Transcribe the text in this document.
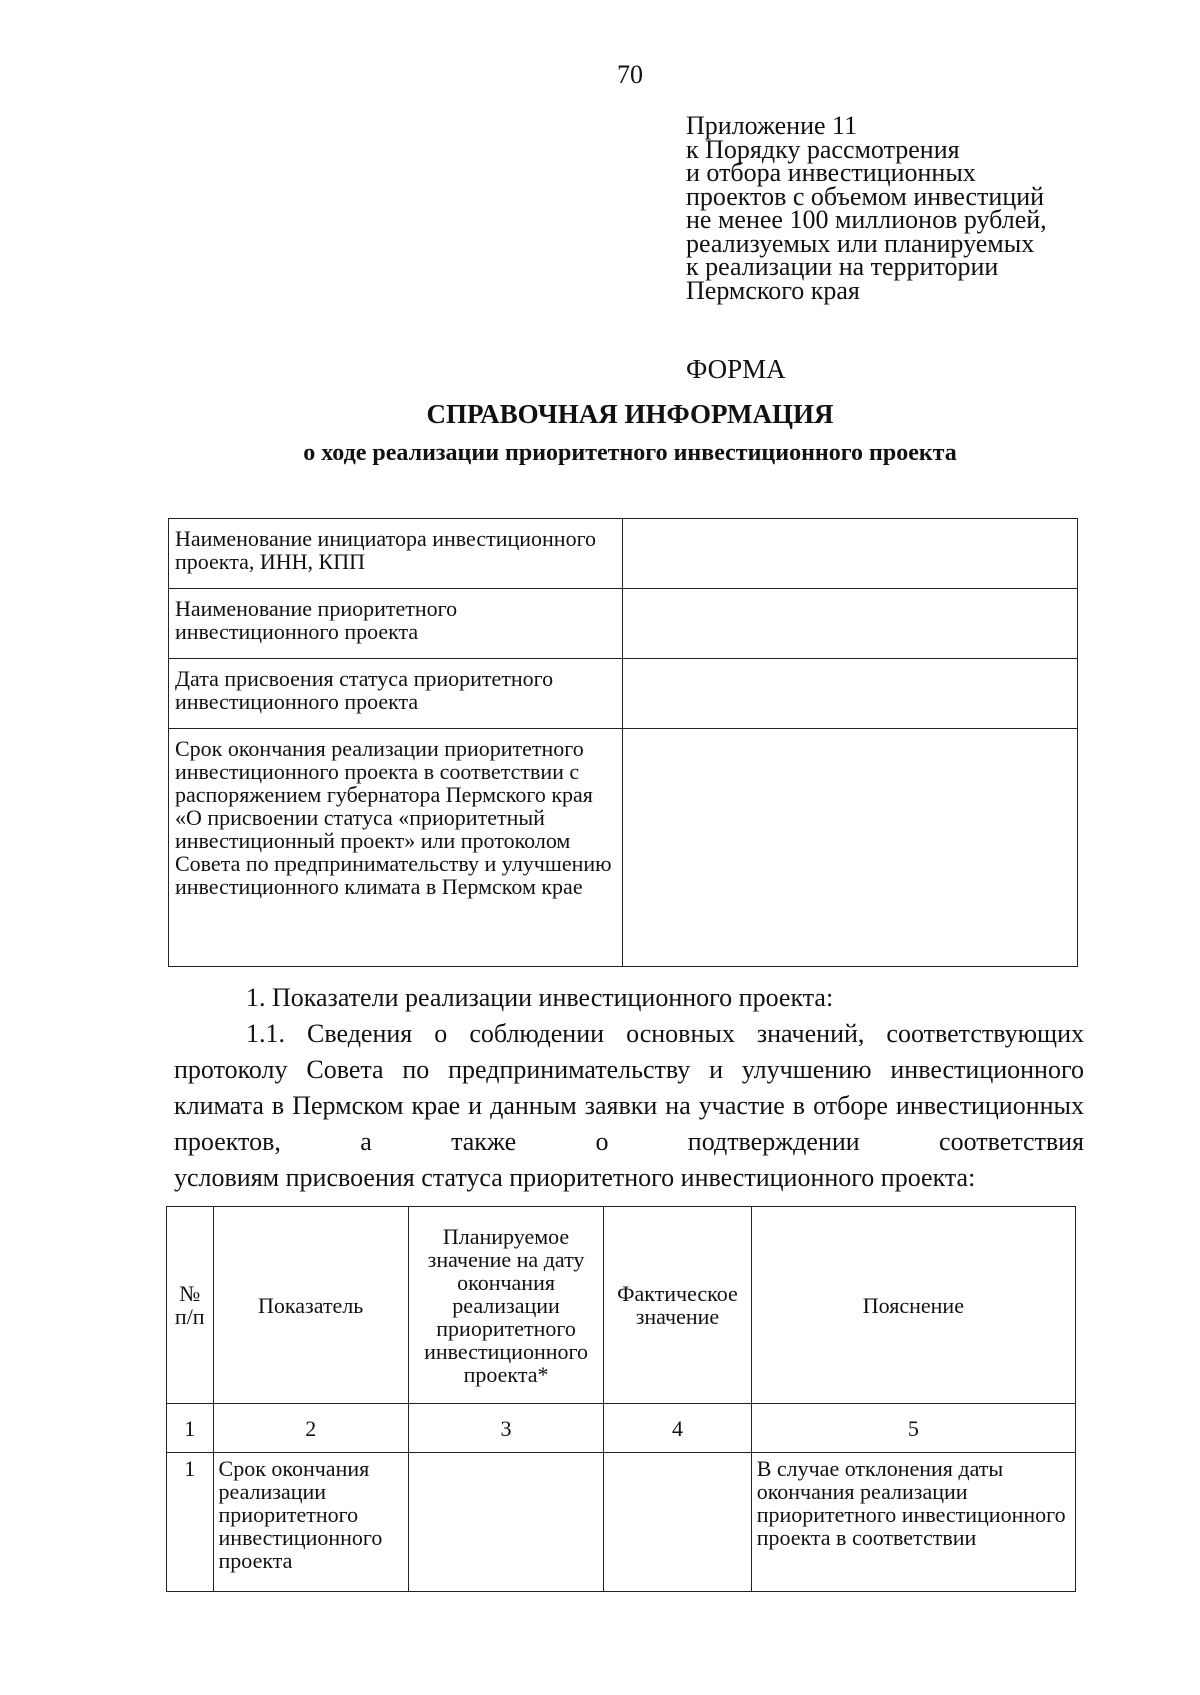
70
Приложение 11
к Порядку рассмотрения
и отбора инвестиционных
проектов с объемом инвестиций
не менее 100 миллионов рублей,
реализуемых или планируемых
к реализации на территории
Пермского края
ФОРМА
СПРАВОЧНАЯ ИНФОРМАЦИЯ
о ходе реализации приоритетного инвестиционного проекта
Наименование инициатора инвестиционного проекта, ИНН, КПП	
Наименование приоритетного инвестиционного проекта	
Дата присвоения статуса приоритетного инвестиционного проекта	
Срок окончания реализации приоритетного инвестиционного проекта в соответствии с распоряжением губернатора Пермского края «О присвоении статуса «приоритетный инвестиционный проект» или протоколом Совета по предпринимательству и улучшению инвестиционного климата в Пермском крае	
1. Показатели реализации инвестиционного проекта:
1.1. Сведения о соблюдении основных значений, соответствующих протоколу Совета по предпринимательству и улучшению инвестиционного климата в Пермском крае и данным заявки на участие в отборе инвестиционных проектов, а также о подтверждении соответствия
условиям присвоения статуса приоритетного инвестиционного проекта:
№ п/п	Показатель	Планируемое значение на дату окончания реализации приоритетного инвестиционного проекта*	Фактическое значение	Пояснение
1	2	3	4	5
1	Срок окончания реализации приоритетного инвестиционного проекта			В случае отклонения даты окончания реализации приоритетного инвестиционного проекта в соответствии
